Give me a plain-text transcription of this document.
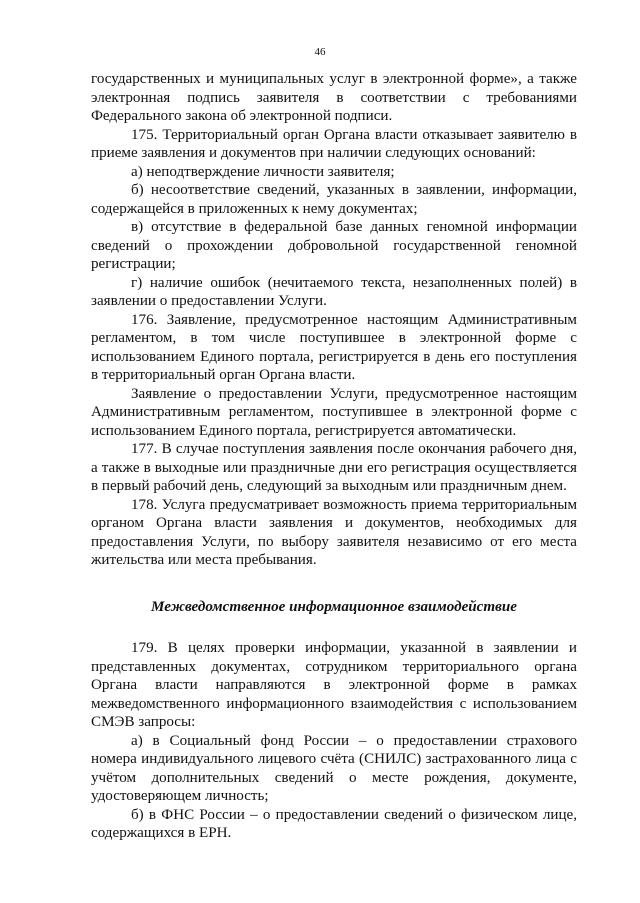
46

государственных и муниципальных услуг в электронной форме», а также электронная подпись заявителя в соответствии с требованиями Федерального закона об электронной подписи.

175. Территориальный орган Органа власти отказывает заявителю в приеме заявления и документов при наличии следующих оснований:

а) неподтверждение личности заявителя;

б) несоответствие сведений, указанных в заявлении, информации, содержащейся в приложенных к нему документах;

в) отсутствие в федеральной базе данных геномной информации сведений о прохождении добровольной государственной геномной регистрации;

г) наличие ошибок (нечитаемого текста, незаполненных полей) в заявлении о предоставлении Услуги.

176. Заявление, предусмотренное настоящим Административным регламентом, в том числе поступившее в электронной форме с использованием Единого портала, регистрируется в день его поступления в территориальный орган Органа власти.

Заявление о предоставлении Услуги, предусмотренное настоящим Административным регламентом, поступившее в электронной форме с использованием Единого портала, регистрируется автоматически.

177. В случае поступления заявления после окончания рабочего дня, а также в выходные или праздничные дни его регистрация осуществляется в первый рабочий день, следующий за выходным или праздничным днем.

178. Услуга предусматривает возможность приема территориальным органом Органа власти заявления и документов, необходимых для предоставления Услуги, по выбору заявителя независимо от его места жительства или места пребывания.

Межведомственное информационное взаимодействие

179. В целях проверки информации, указанной в заявлении и представленных документах, сотрудником территориального органа Органа власти направляются в электронной форме в рамках межведомственного информационного взаимодействия с использованием СМЭВ запросы:

а) в Социальный фонд России – о предоставлении страхового номера индивидуального лицевого счёта (СНИЛС) застрахованного лица с учётом дополнительных сведений о месте рождения, документе, удостоверяющем личность;

б) в ФНС России – о предоставлении сведений о физическом лице, содержащихся в ЕРН.
